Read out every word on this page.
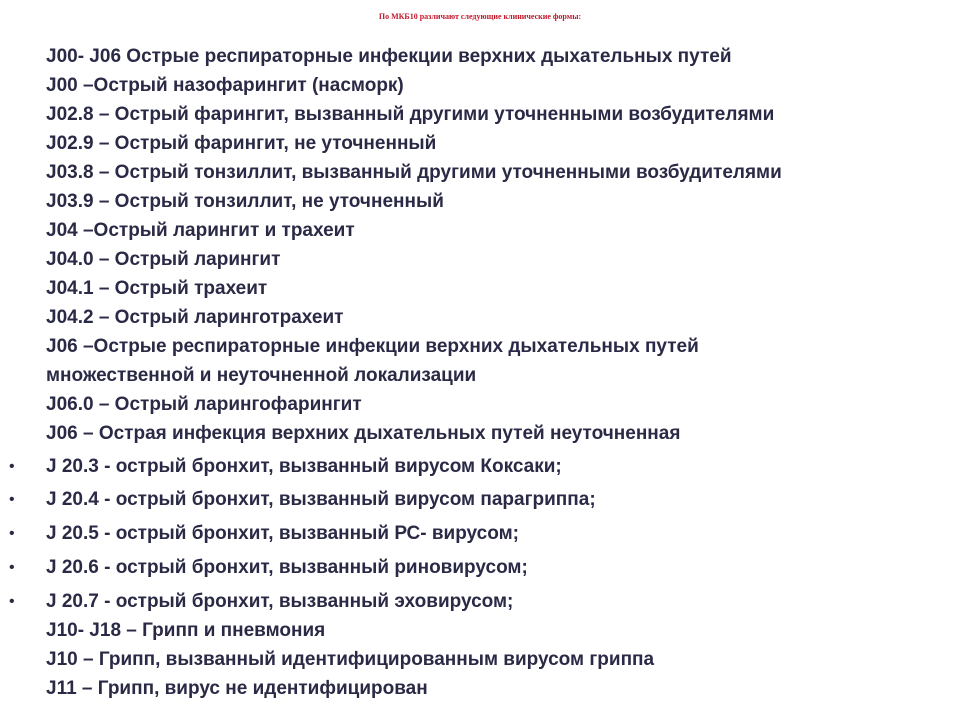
По МКБ10 различают следующие клинические формы:
J00- J06 Острые респираторные инфекции верхних дыхательных путей
J00 –Острый назофарингит (насморк)
J02.8 – Острый фарингит, вызванный другими уточненными возбудителями
J02.9 – Острый фарингит, не уточненный
J03.8 – Острый тонзиллит, вызванный другими уточненными возбудителями
J03.9 – Острый тонзиллит, не уточненный
J04 –Острый ларингит и трахеит
J04.0 – Острый ларингит
J04.1 – Острый трахеит
J04.2 – Острый ларинготрахеит
J06 –Острые респираторные инфекции верхних дыхательных путей
множественной и неуточненной локализации
J06.0 – Острый ларингофарингит
J06 – Острая инфекция верхних дыхательных путей неуточненная
• J 20.3 - острый бронхит, вызванный вирусом Коксаки;
• J 20.4 - острый бронхит, вызванный вирусом парагриппа;
• J 20.5 - острый бронхит, вызванный РС- вирусом;
• J 20.6 - острый бронхит, вызванный риновирусом;
• J 20.7 - острый бронхит, вызванный эховирусом;
J10- J18 – Грипп и пневмония
J10 – Грипп, вызванный идентифицированным вирусом гриппа
J11 – Грипп, вирус не идентифицирован
